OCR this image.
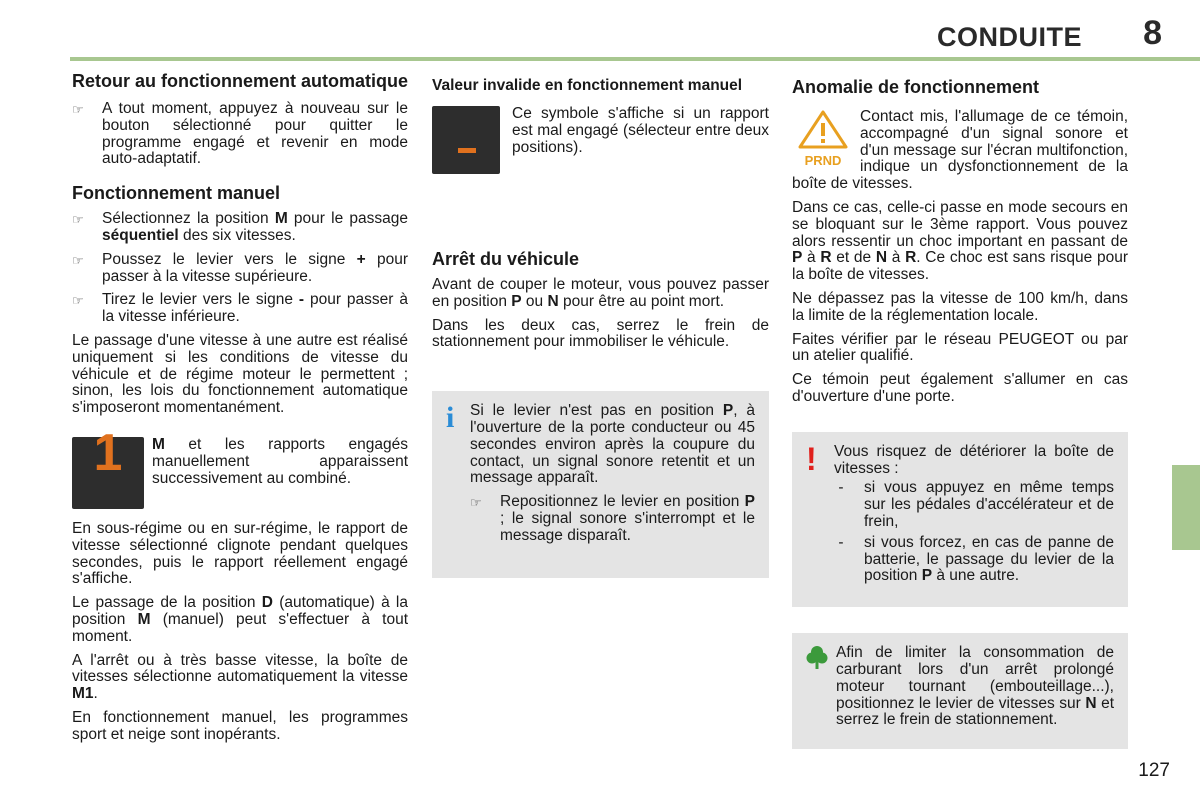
CONDUITE 8
127
Retour au fonctionnement automatique
☞	A tout moment, appuyez à nouveau sur le bouton sélectionné pour quitter le programme engagé et revenir en mode auto-adaptatif.
Fonctionnement manuel
☞	Sélectionnez la position M pour le passage séquentiel des six vitesses.
☞	Poussez le levier vers le signe + pour passer à la vitesse supérieure.
☞	Tirez le levier vers le signe - pour passer à la vitesse inférieure.

Le passage d'une vitesse à une autre est réalisé uniquement si les conditions de vitesse du véhicule et de régime moteur le permettent ; sinon, les lois du fonctionnement automatique s'imposeront momentanément.

1	M et les rapports engagés manuellement apparaissent successivement au combiné.

En sous-régime ou en sur-régime, le rapport de vitesse sélectionné clignote pendant quelques secondes, puis le rapport réellement engagé s'affiche.

Le passage de la position D (automatique) à la position M (manuel) peut s'effectuer à tout moment.

A l'arrêt ou à très basse vitesse, la boîte de vitesses sélectionne automatiquement la vitesse M1.

En fonctionnement manuel, les programmes sport et neige sont inopérants.

Valeur invalide en fonctionnement manuel

Ce symbole s'affiche si un rapport est mal engagé (sélecteur entre deux positions).

Arrêt du véhicule

Avant de couper le moteur, vous pouvez passer en position P ou N pour être au point mort.

Dans les deux cas, serrez le frein de stationnement pour immobiliser le véhicule.

i	Si le levier n'est pas en position P, à l'ouverture de la porte conducteur ou 45 secondes environ après la coupure du contact, un signal sonore retentit et un message apparaît.

☞	Repositionnez le levier en position P ; le signal sonore s'interrompt et le message disparaît.
Anomalie de fonctionnement
PRND

Contact mis, l'allumage de ce témoin, accompagné d'un signal sonore et d'un message sur l'écran multifonction, indique un dysfonctionnement de la boîte de vitesses.

Dans ce cas, celle-ci passe en mode secours en se bloquant sur le 3ème rapport. Vous pouvez alors ressentir un choc important en passant de P à R et de N à R. Ce choc est sans risque pour la boîte de vitesses.

Ne dépassez pas la vitesse de 100 km/h, dans la limite de la réglementation locale.

Faites vérifier par le réseau PEUGEOT ou par un atelier qualifié.

Ce témoin peut également s'allumer en cas d'ouverture d'une porte.

!	Vous risquez de détériorer la boîte de vitesses :

- si vous appuyez en même temps sur les pédales d'accélérateur et de frein,
- si vous forcez, en cas de panne de batterie, le passage du levier de la position P à une autre.

Afin de limiter la consommation de carburant lors d'un arrêt prolongé moteur tournant (embouteillage...), positionnez le levier de vitesses sur N et serrez le frein de stationnement.
